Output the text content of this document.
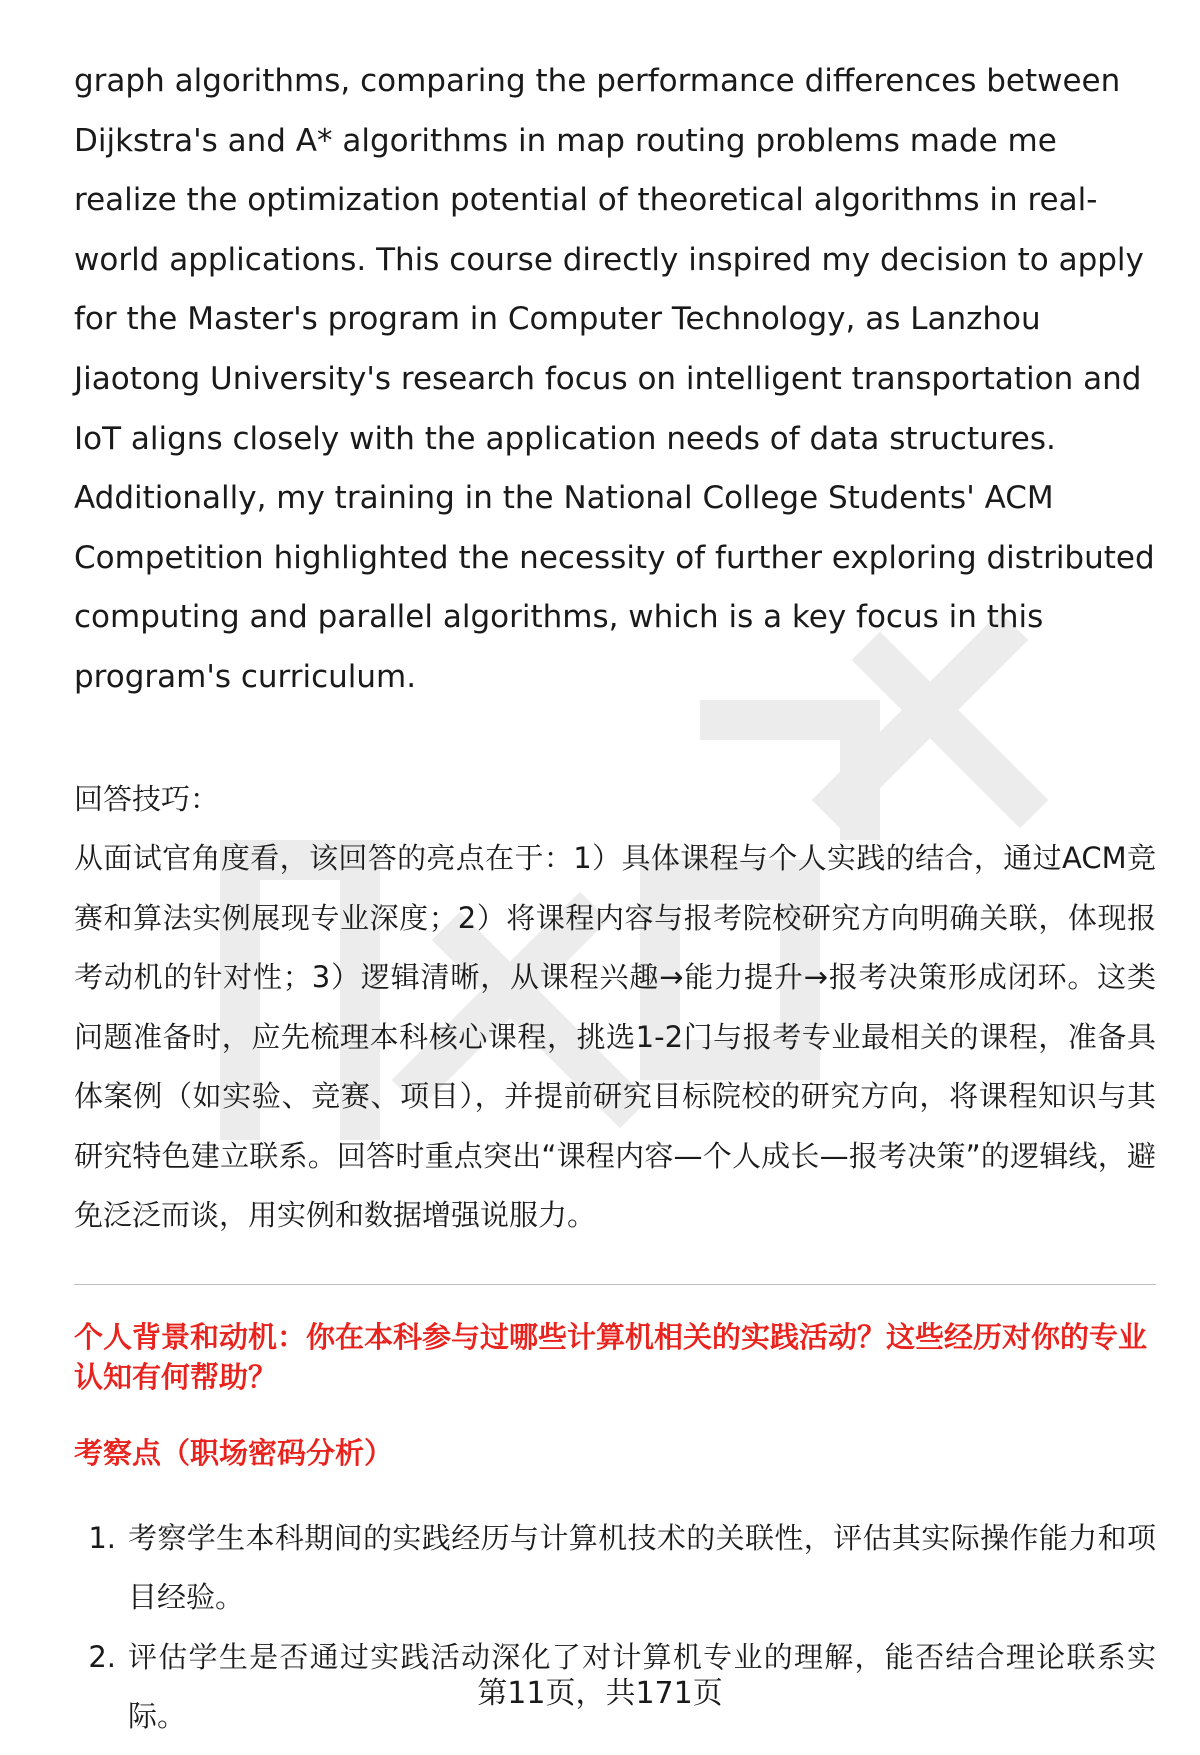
graph algorithms, comparing the performance differences between Dijkstra's and A* algorithms in map routing problems made me realize the optimization potential of theoretical algorithms in real-world applications. This course directly inspired my decision to apply for the Master's program in Computer Technology, as Lanzhou Jiaotong University's research focus on intelligent transportation and IoT aligns closely with the application needs of data structures. Additionally, my training in the National College Students' ACM Competition highlighted the necessity of further exploring distributed computing and parallel algorithms, which is a key focus in this program's curriculum.

回答技巧：

从面试官角度看，该回答的亮点在于：1）具体课程与个人实践的结合，通过ACM竞赛和算法实例展现专业深度；2）将课程内容与报考院校研究方向明确关联，体现报考动机的针对性；3）逻辑清晰，从课程兴趣→能力提升→报考决策形成闭环。这类问题准备时，应先梳理本科核心课程，挑选1-2门与报考专业最相关的课程，准备具体案例（如实验、竞赛、项目），并提前研究目标院校的研究方向，将课程知识与其研究特色建立联系。回答时重点突出“课程内容—个人成长—报考决策”的逻辑线，避免泛泛而谈，用实例和数据增强说服力。

个人背景和动机：你在本科参与过哪些计算机相关的实践活动？这些经历对你的专业认知有何帮助？
考察点（职场密码分析）
1. 考察学生本科期间的实践经历与计算机技术的关联性，评估其实际操作能力和项目经验。
2. 评估学生是否通过实践活动深化了对计算机专业的理解，能否结合理论联系实际。
第11页，共171页
